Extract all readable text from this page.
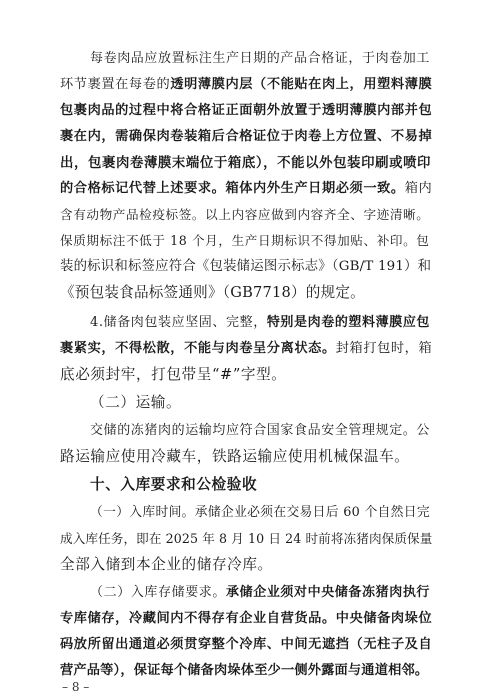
每卷肉品应放置标注生产日期的产品合格证，于肉卷加工
环节裹置在每卷的透明薄膜内层（不能贴在肉上，用塑料薄膜
包裹肉品的过程中将合格证正面朝外放置于透明薄膜内部并包
裹在内，需确保肉卷装箱后合格证位于肉卷上方位置、不易掉
出，包裹肉卷薄膜末端位于箱底），不能以外包装印刷或喷印
的合格标记代替上述要求。箱体内外生产日期必须一致。箱内
含有动物产品检疫标签。以上内容应做到内容齐全、字迹清晰。
保质期标注不低于 18 个月，生产日期标识不得加贴、补印。包
装的标识和标签应符合《包装储运图示标志》（GB/T 191）和
《预包装食品标签通则》（GB7718）的规定。
4.储备肉包装应坚固、完整，特别是肉卷的塑料薄膜应包
裹紧实，不得松散，不能与肉卷呈分离状态。封箱打包时，箱
底必须封牢，打包带呈“#”字型。
（二）运输。
交储的冻猪肉的运输均应符合国家食品安全管理规定。公
路运输应使用冷藏车，铁路运输应使用机械保温车。
十、入库要求和公检验收
（一）入库时间。承储企业必须在交易日后 60 个自然日完
成入库任务，即在 2025 年 8 月 10 日 24 时前将冻猪肉保质保量
全部入储到本企业的储存冷库。
（二）入库存储要求。承储企业须对中央储备冻猪肉执行
专库储存，冷藏间内不得存有企业自营货品。中央储备肉垛位
码放所留出通道必须贯穿整个冷库、中间无遮挡（无柱子及自
营产品等），保证每个储备肉垛体至少一侧外露面与通道相邻。
– 8 –
